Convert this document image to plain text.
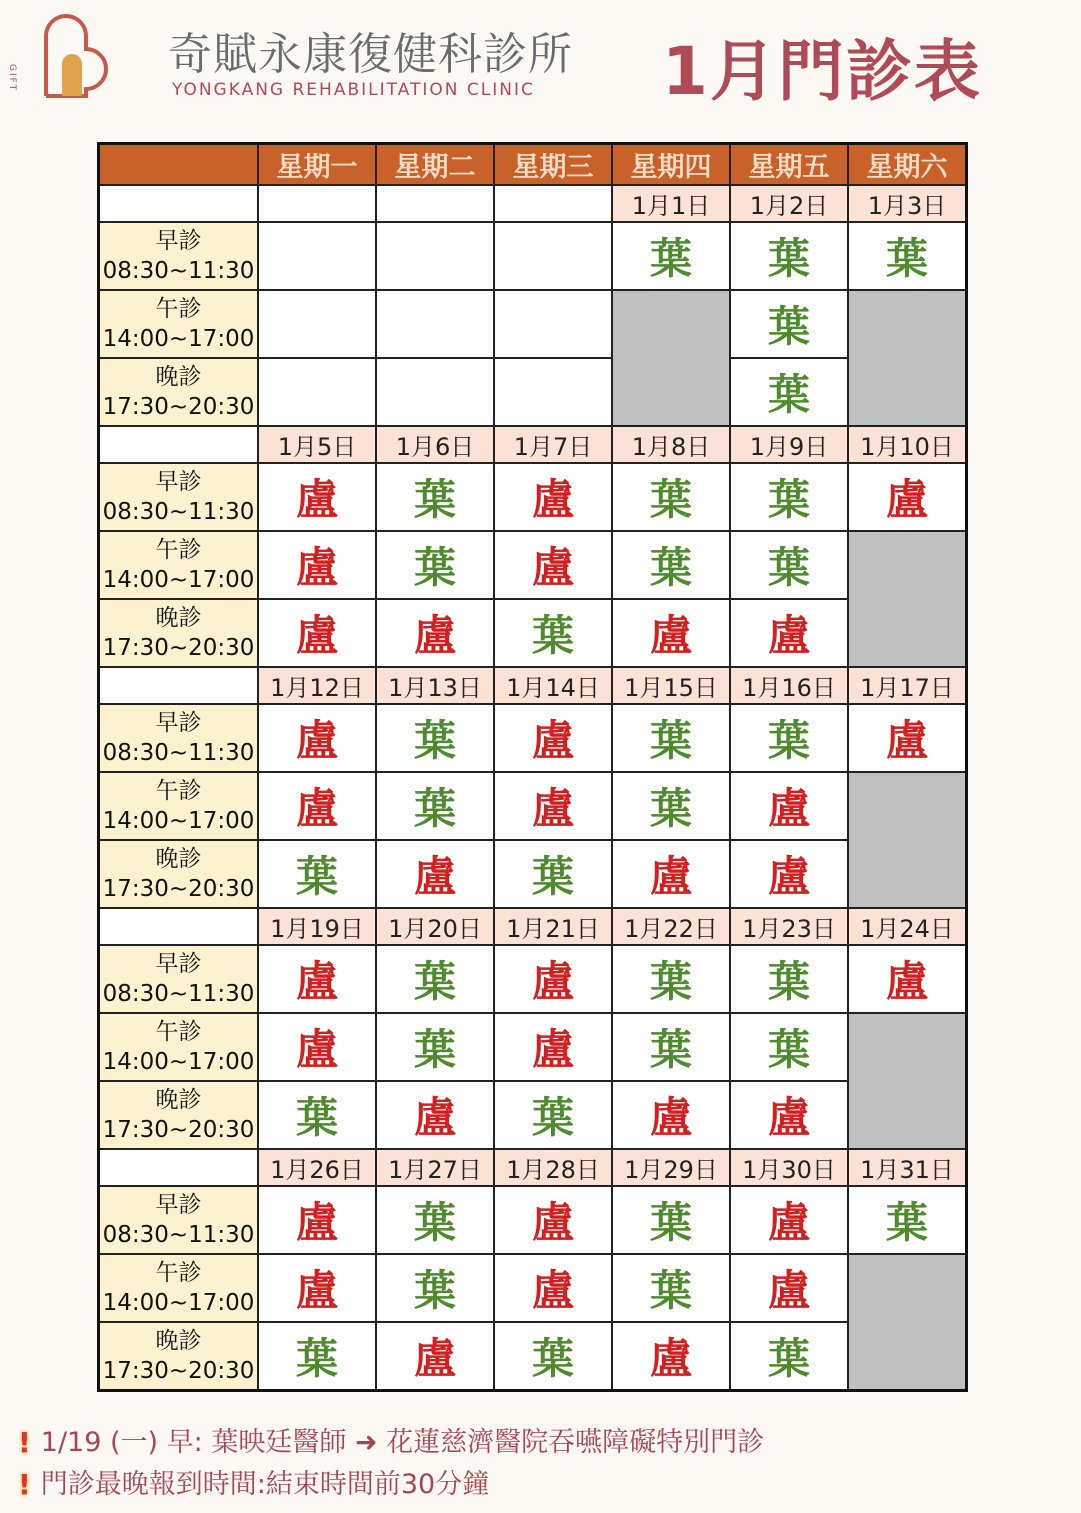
GIFT	奇賦永康復健科診所
YONGKANG REHABILITATION CLINIC 1月門診表
	星期一	星期二	星期三	星期四	星期五	星期六
				1月1日	1月2日	1月3日

早診
08:30~11:30				葉	葉	葉

午診
14:00~17:00					葉	

晚診
17:30~20:30					葉	
	1月5日	1月6日	1月7日	1月8日	1月9日	1月10日

早診
08:30~11:30	盧	葉	盧	葉	葉	盧

午診
14:00~17:00	盧	葉	盧	葉	葉	

晚診
17:30~20:30	盧	盧	葉	盧	盧	
	1月12日	1月13日	1月14日	1月15日	1月16日	1月17日

早診
08:30~11:30	盧	葉	盧	葉	葉	盧

午診
14:00~17:00	盧	葉	盧	葉	盧	

晚診
17:30~20:30	葉	盧	葉	盧	盧	
	1月19日	1月20日	1月21日	1月22日	1月23日	1月24日

早診
08:30~11:30	盧	葉	盧	葉	葉	盧

午診
14:00~17:00	盧	葉	盧	葉	葉	

晚診
17:30~20:30	葉	盧	葉	盧	盧	
	1月26日	1月27日	1月28日	1月29日	1月30日	1月31日

早診
08:30~11:30	盧	葉	盧	葉	盧	葉

午診
14:00~17:00	盧	葉	盧	葉	盧	

晚診
17:30~20:30	葉	盧	葉	盧	葉	
! 1/19 (一) 早: 葉映廷醫師 ➜ 花蓮慈濟醫院吞嚥障礙特別門診
! 門診最晚報到時間:結束時間前30分鐘
